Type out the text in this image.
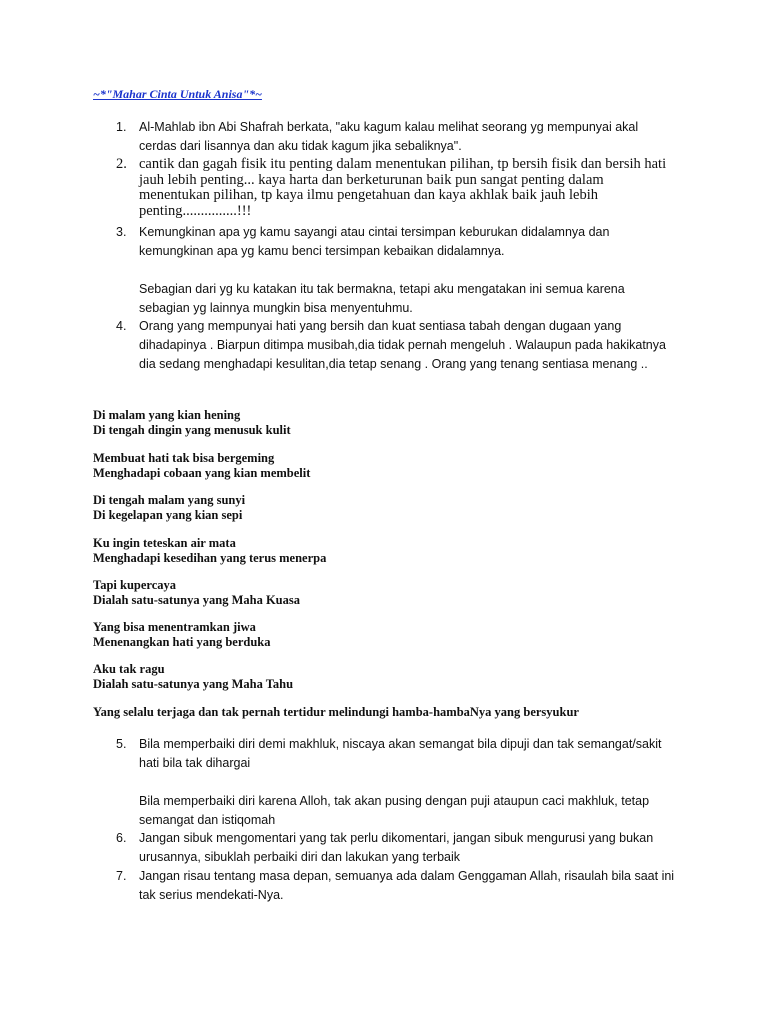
~*"Mahar Cinta Untuk Anisa"*~
1.	Al-Mahlab ibn Abi Shafrah berkata, "aku kagum kalau melihat seorang yg mempunyai akal cerdas dari lisannya dan aku tidak kagum jika sebaliknya".
2. cantik dan gagah fisik itu penting dalam menentukan pilihan, tp bersih fisik dan bersih hati jauh lebih penting... kaya harta dan berketurunan baik pun sangat penting dalam menentukan pilihan, tp kaya ilmu pengetahuan dan kaya akhlak baik jauh lebih penting...............!!!
3.	Kemungkinan apa yg kamu sayangi atau cintai tersimpan keburukan didalamnya dan kemungkinan apa yg kamu benci tersimpan kebaikan didalamnya.
Sebagian dari yg ku katakan itu tak bermakna, tetapi aku mengatakan ini semua karena sebagian yg lainnya mungkin bisa menyentuhmu.
4.	Orang yang mempunyai hati yang bersih dan kuat sentiasa tabah dengan dugaan yang dihadapinya . Biarpun ditimpa musibah,dia tidak pernah mengeluh . Walaupun pada hakikatnya dia sedang menghadapi kesulitan,dia tetap senang . Orang yang tenang sentiasa menang ..
Di malam yang kian hening
Di tengah dingin yang menusuk kulit
Membuat hati tak bisa bergeming
Menghadapi cobaan yang kian membelit
Di tengah malam yang sunyi
Di kegelapan yang kian sepi
Ku ingin teteskan air mata
Menghadapi kesedihan yang terus menerpa
Tapi kupercaya
Dialah satu-satunya yang Maha Kuasa
Yang bisa menentramkan jiwa
Menenangkan hati yang berduka
Aku tak ragu
Dialah satu-satunya yang Maha Tahu
Yang selalu terjaga dan tak pernah tertidur melindungi hamba-hambaNya yang bersyukur
5.	Bila memperbaiki diri demi makhluk, niscaya akan semangat bila dipuji dan tak semangat/sakit hati bila tak dihargai
Bila memperbaiki diri karena Alloh, tak akan pusing dengan puji ataupun caci makhluk, tetap semangat dan istiqomah
6.	Jangan sibuk mengomentari yang tak perlu dikomentari, jangan sibuk mengurusi yang bukan urusannya, sibuklah perbaiki diri dan lakukan yang terbaik
7.	Jangan risau tentang masa depan, semuanya ada dalam Genggaman Allah, risaulah bila saat ini tak serius mendekati-Nya.
